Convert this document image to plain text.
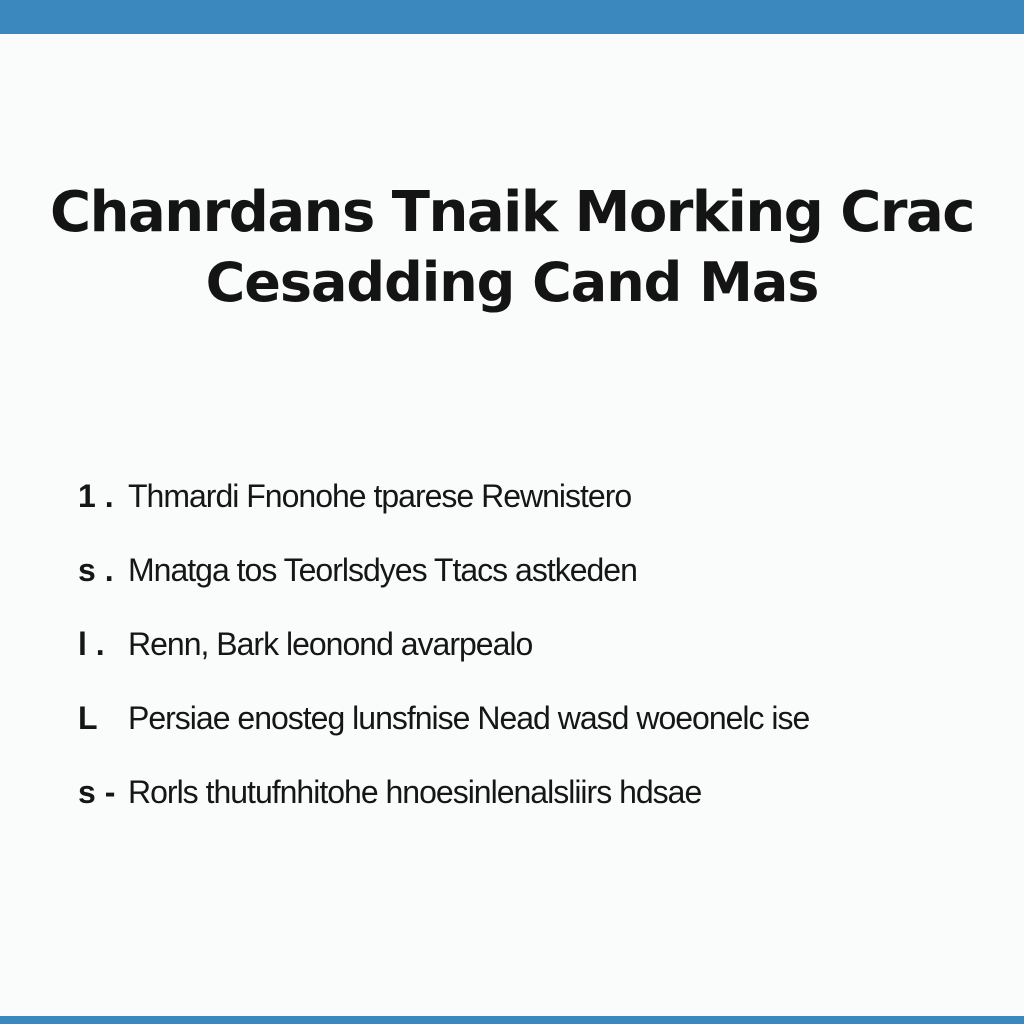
Chanrdans Tnaik Morking Crac
Cesadding Cand Mas
1 . Thmardi Fnonohe tparese Rewnistero
s . Mnatga tos Teorlsdyes Ttacs astkeden
l . Renn, Bark leonond avarpealo
L Persiae enosteg lunsfnise Nead wasd woeonelc ise
s - Rorls thutufnhitohe hnoesinlenalsliirs hdsae
